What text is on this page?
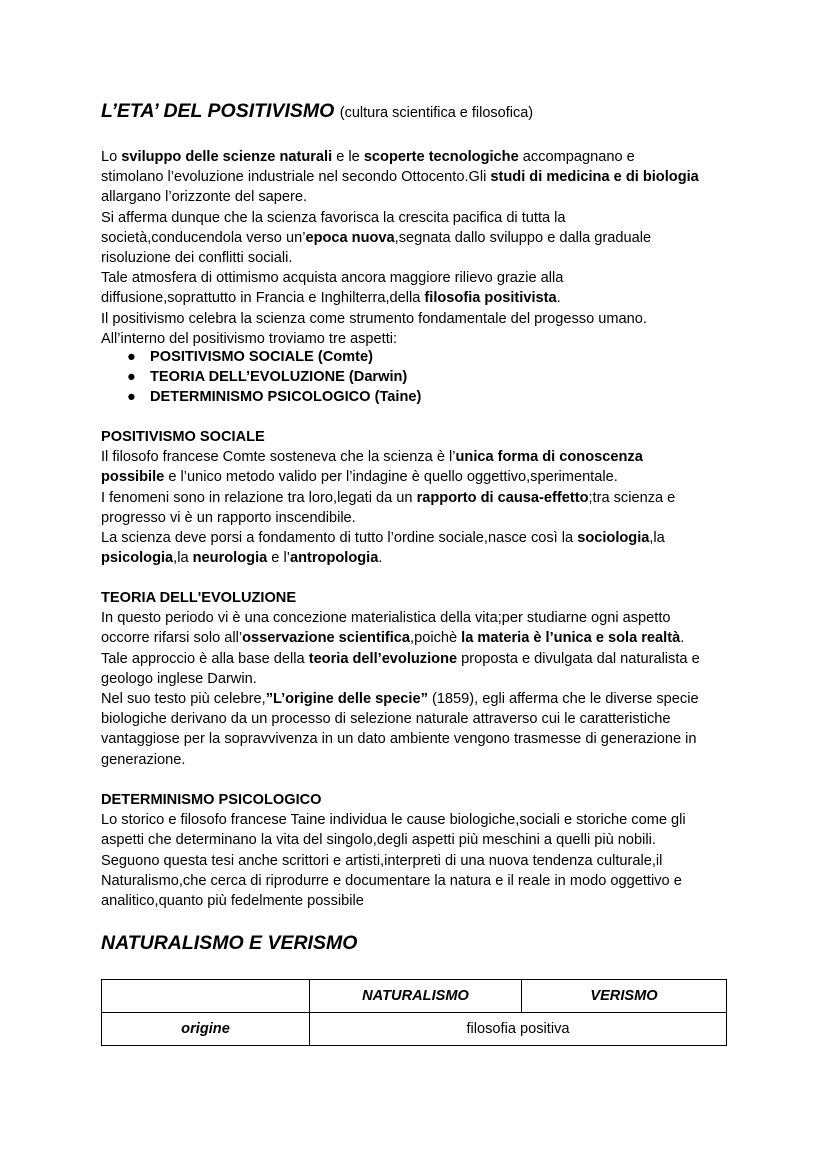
L’ETA’ DEL POSITIVISMO (cultura scientifica e filosofica)
Lo sviluppo delle scienze naturali e le scoperte tecnologiche accompagnano e
stimolano l’evoluzione industriale nel secondo Ottocento.Gli studi di medicina e di biologia
allargano l’orizzonte del sapere.
Si afferma dunque che la scienza favorisca la crescita pacifica di tutta la
società,conducendola verso un’epoca nuova,segnata dallo sviluppo e dalla graduale
risoluzione dei conflitti sociali.
Tale atmosfera di ottimismo acquista ancora maggiore rilievo grazie alla
diffusione,soprattutto in Francia e Inghilterra,della filosofia positivista.
Il positivismo celebra la scienza come strumento fondamentale del progesso umano.
All’interno del positivismo troviamo tre aspetti:
● POSITIVISMO SOCIALE (Comte)
● TEORIA DELL’EVOLUZIONE (Darwin)
● DETERMINISMO PSICOLOGICO (Taine)
POSITIVISMO SOCIALE
Il filosofo francese Comte sosteneva che la scienza è l’unica forma di conoscenza
possibile e l’unico metodo valido per l’indagine è quello oggettivo,sperimentale.
I fenomeni sono in relazione tra loro,legati da un rapporto di causa-effetto;tra scienza e
progresso vi è un rapporto inscendibile.
La scienza deve porsi a fondamento di tutto l’ordine sociale,nasce così la sociologia,la
psicologia,la neurologia e l’antropologia.
TEORIA DELL'EVOLUZIONE
In questo periodo vi è una concezione materialistica della vita;per studiarne ogni aspetto
occorre rifarsi solo all’osservazione scientifica,poichè la materia è l’unica e sola realtà.
Tale approccio è alla base della teoria dell’evoluzione proposta e divulgata dal naturalista e
geologo inglese Darwin.
Nel suo testo più celebre,”L’origine delle specie” (1859), egli afferma che le diverse specie
biologiche derivano da un processo di selezione naturale attraverso cui le caratteristiche
vantaggiose per la sopravvivenza in un dato ambiente vengono trasmesse di generazione in
generazione.
DETERMINISMO PSICOLOGICO
Lo storico e filosofo francese Taine individua le cause biologiche,sociali e storiche come gli
aspetti che determinano la vita del singolo,degli aspetti più meschini a quelli più nobili.
Seguono questa tesi anche scrittori e artisti,interpreti di una nuova tendenza culturale,il
Naturalismo,che cerca di riprodurre e documentare la natura e il reale in modo oggettivo e
analitico,quanto più fedelmente possibile
NATURALISMO E VERISMO
	NATURALISMO	VERISMO
origine	filosofia positiva	
